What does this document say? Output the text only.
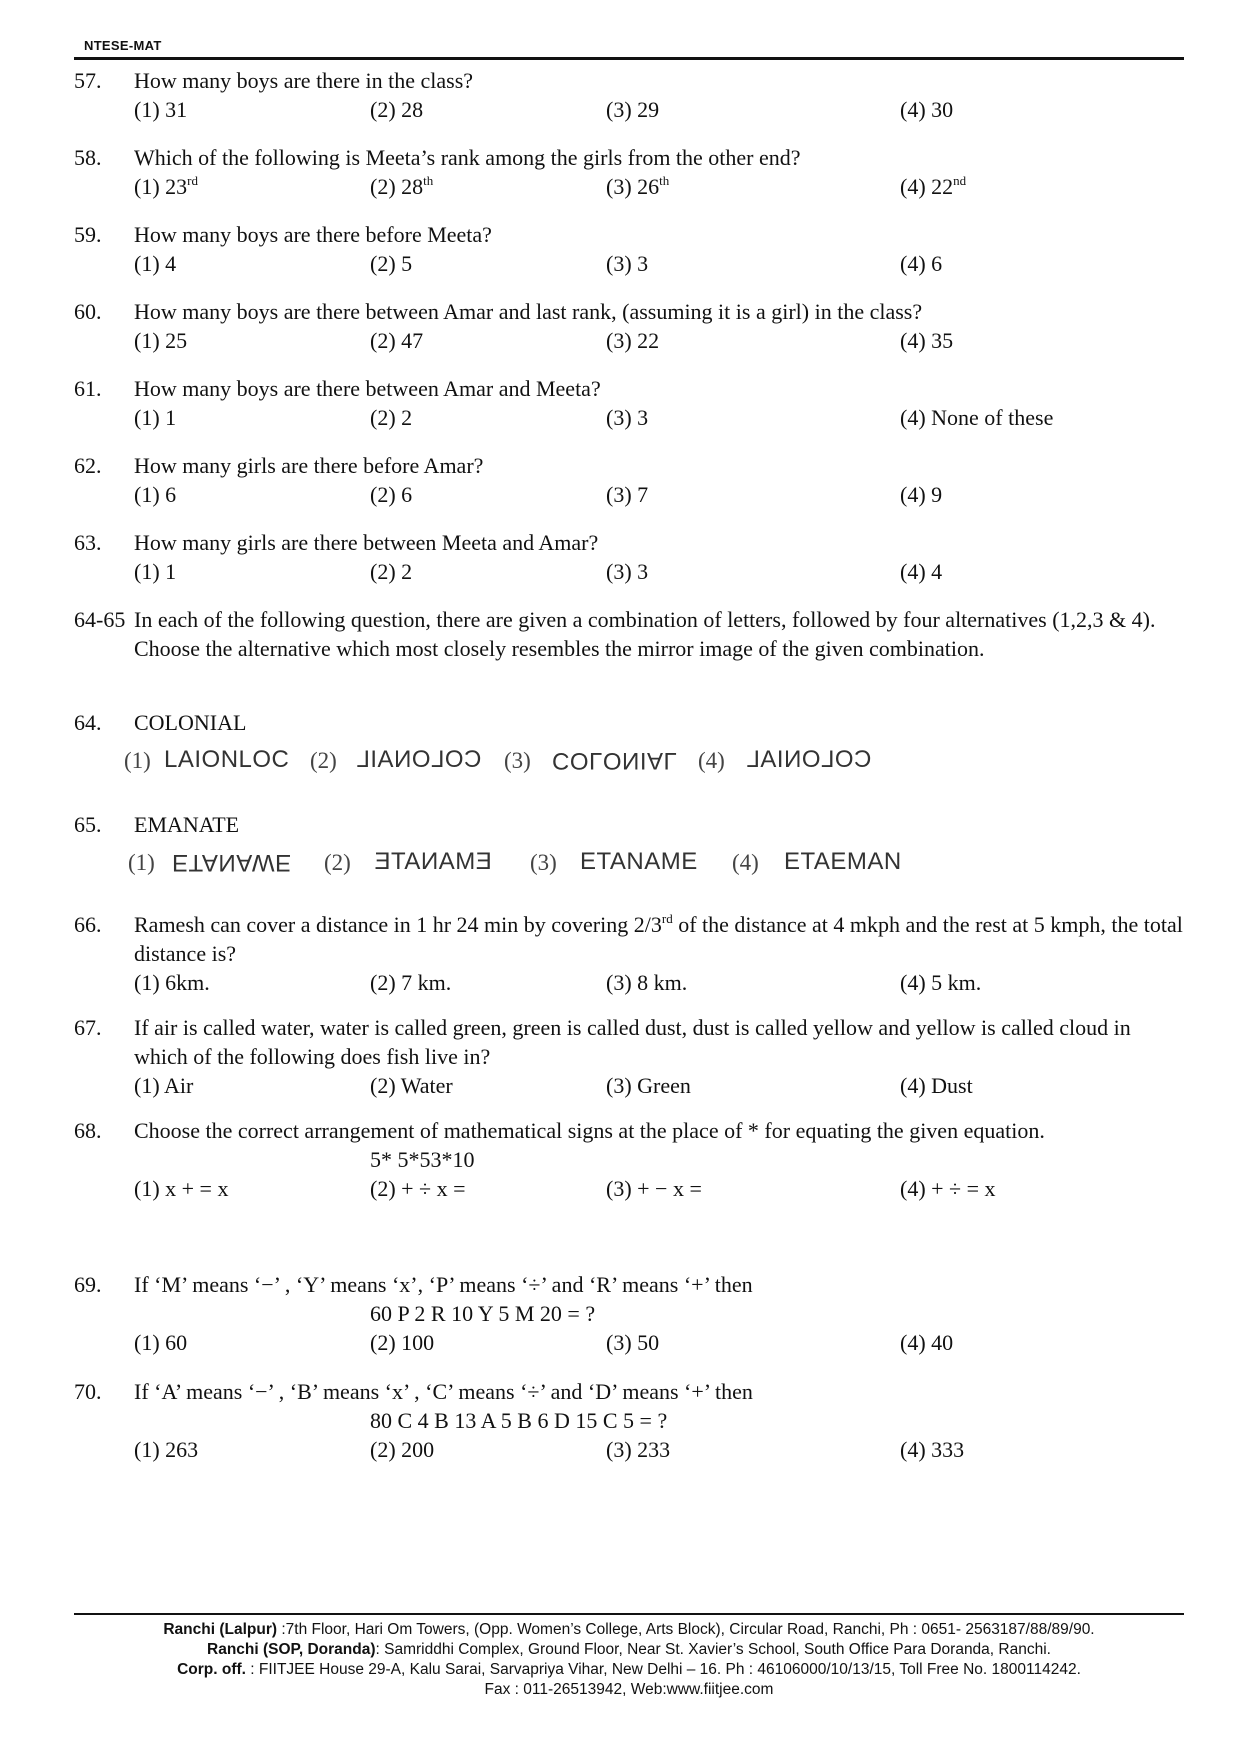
NTESE-MAT
57.	How many boys are there in the class?
(1) 31	(2) 28	(3) 29	(4) 30
58.	Which of the following is Meeta’s rank among the girls from the other end?
(1) 23rd	(2) 28th	(3) 26th	(4) 22nd
59.	How many boys are there before Meeta?
(1) 4	(2) 5	(3) 3	(4) 6
60.	How many boys are there between Amar and last rank, (assuming it is a girl) in the class?
(1) 25	(2) 47	(3) 22	(4) 35
61.	How many boys are there between Amar and Meeta?
(1) 1	(2) 2	(3) 3	(4) None of these
62.	How many girls are there before Amar?
(1) 6	(2) 6	(3) 7	(4) 9
63.	How many girls are there between Meeta and Amar?
(1) 1	(2) 2	(3) 3	(4) 4
64-65 In each of the following question, there are given a combination of letters, followed by four alternatives (1,2,3 & 4). Choose the alternative which most closely resembles the mirror image of the given combination.
64.	COLONIAL
(1) LAIONLOC (2) COLONAIL (3) COLONIAL (4) COLONIAL
65.	EMANATE
(1) ETANAWE (2) EMANATE (3) ETANAME (4) ETAEMAN
66.	Ramesh can cover a distance in 1 hr 24 min by covering 2/3rd of the distance at 4 mkph and the rest at 5 kmph, the total distance is?
(1) 6km.	(2) 7 km.	(3) 8 km.	(4) 5 km.
67.	If air is called water, water is called green, green is called dust, dust is called yellow and yellow is called cloud in which of the following does fish live in?
(1) Air	(2) Water	(3) Green	(4) Dust
68.	Choose the correct arrangement of mathematical signs at the place of * for equating the given equation.
5* 5*53*10
(1) x + = x	(2) + ÷ x =	(3) + − x =	(4) + ÷ = x
69.	If ‘M’ means ‘−’ , ‘Y’ means ‘x’, ‘P’ means ‘÷’ and ‘R’ means ‘+’ then
60 P 2 R 10 Y 5 M 20 = ?
(1) 60	(2) 100	(3) 50	(4) 40
70.	If ‘A’ means ‘−’ , ‘B’ means ‘x’ , ‘C’ means ‘÷’ and ‘D’ means ‘+’ then
80 C 4 B 13 A 5 B 6 D 15 C 5 = ?
(1) 263	(2) 200	(3) 233	(4) 333
Ranchi (Lalpur) :7th Floor, Hari Om Towers, (Opp. Women’s College, Arts Block), Circular Road, Ranchi, Ph : 0651- 2563187/88/89/90.
Ranchi (SOP, Doranda): Samriddhi Complex, Ground Floor, Near St. Xavier’s School, South Office Para Doranda, Ranchi.
Corp. off. : FIITJEE House 29-A, Kalu Sarai, Sarvapriya Vihar, New Delhi – 16. Ph : 46106000/10/13/15, Toll Free No. 1800114242.
Fax : 011-26513942, Web:www.fiitjee.com
